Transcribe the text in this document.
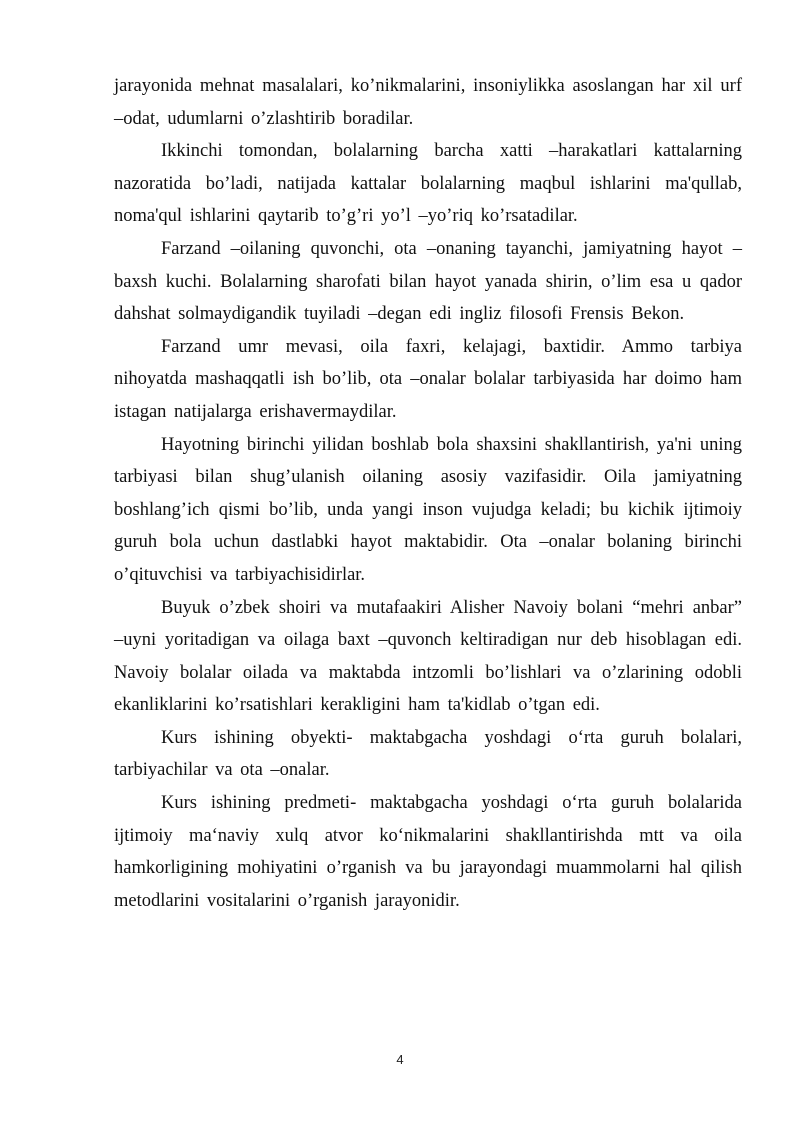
jarayonida mehnat masalalari, ko’nikmalarini, insoniylikka asoslangan har xil urf –odat, udumlarni o’zlashtirib boradilar.

Ikkinchi tomondan, bolalarning barcha xatti –harakatlari kattalarning nazoratida bo’ladi, natijada kattalar bolalarning maqbul ishlarini ma'qullab, noma'qul ishlarini qaytarib to’g’ri yo’l –yo’riq ko’rsatadilar.

Farzand –oilaning quvonchi, ota –onaning tayanchi, jamiyatning hayot –baxsh kuchi. Bolalarning sharofati bilan hayot yanada shirin, o’lim esa u qador dahshat solmaydigandik tuyiladi –degan edi ingliz filosofi Frensis Bekon.

Farzand umr mevasi, oila faxri, kelajagi, baxtidir. Ammo tarbiya nihoyatda mashaqqatli ish bo’lib, ota –onalar bolalar tarbiyasida har doimo ham istagan natijalarga erishavermaydilar.

Hayotning birinchi yilidan boshlab bola shaxsini shakllantirish, ya'ni uning tarbiyasi bilan shug’ulanish oilaning asosiy vazifasidir. Oila jamiyatning boshlang’ich qismi bo’lib, unda yangi inson vujudga keladi; bu kichik ijtimoiy guruh bola uchun dastlabki hayot maktabidir. Ota –onalar bolaning birinchi o’qituvchisi va tarbiyachisidirlar.

Buyuk o’zbek shoiri va mutafaakiri Alisher Navoiy bolani “mehri anbar” –uyni yoritadigan va oilaga baxt –quvonch keltiradigan nur deb hisoblagan edi. Navoiy bolalar oilada va maktabda intzomli bo’lishlari va o’zlarining odobli ekanliklarini ko’rsatishlari kerakligini ham ta'kidlab o’tgan edi.

Kurs ishining obyekti- maktabgacha yoshdagi o‘rta guruh bolalari, tarbiyachilar va ota –onalar.

Kurs ishining predmeti- maktabgacha yoshdagi o‘rta guruh bolalarida ijtimoiy ma‘naviy xulq atvor ko‘nikmalarini shakllantirishda mtt va oila hamkorligining mohiyatini o’rganish va bu jarayondagi muammolarni hal qilish metodlarini vositalarini o’rganish jarayonidir.

4
